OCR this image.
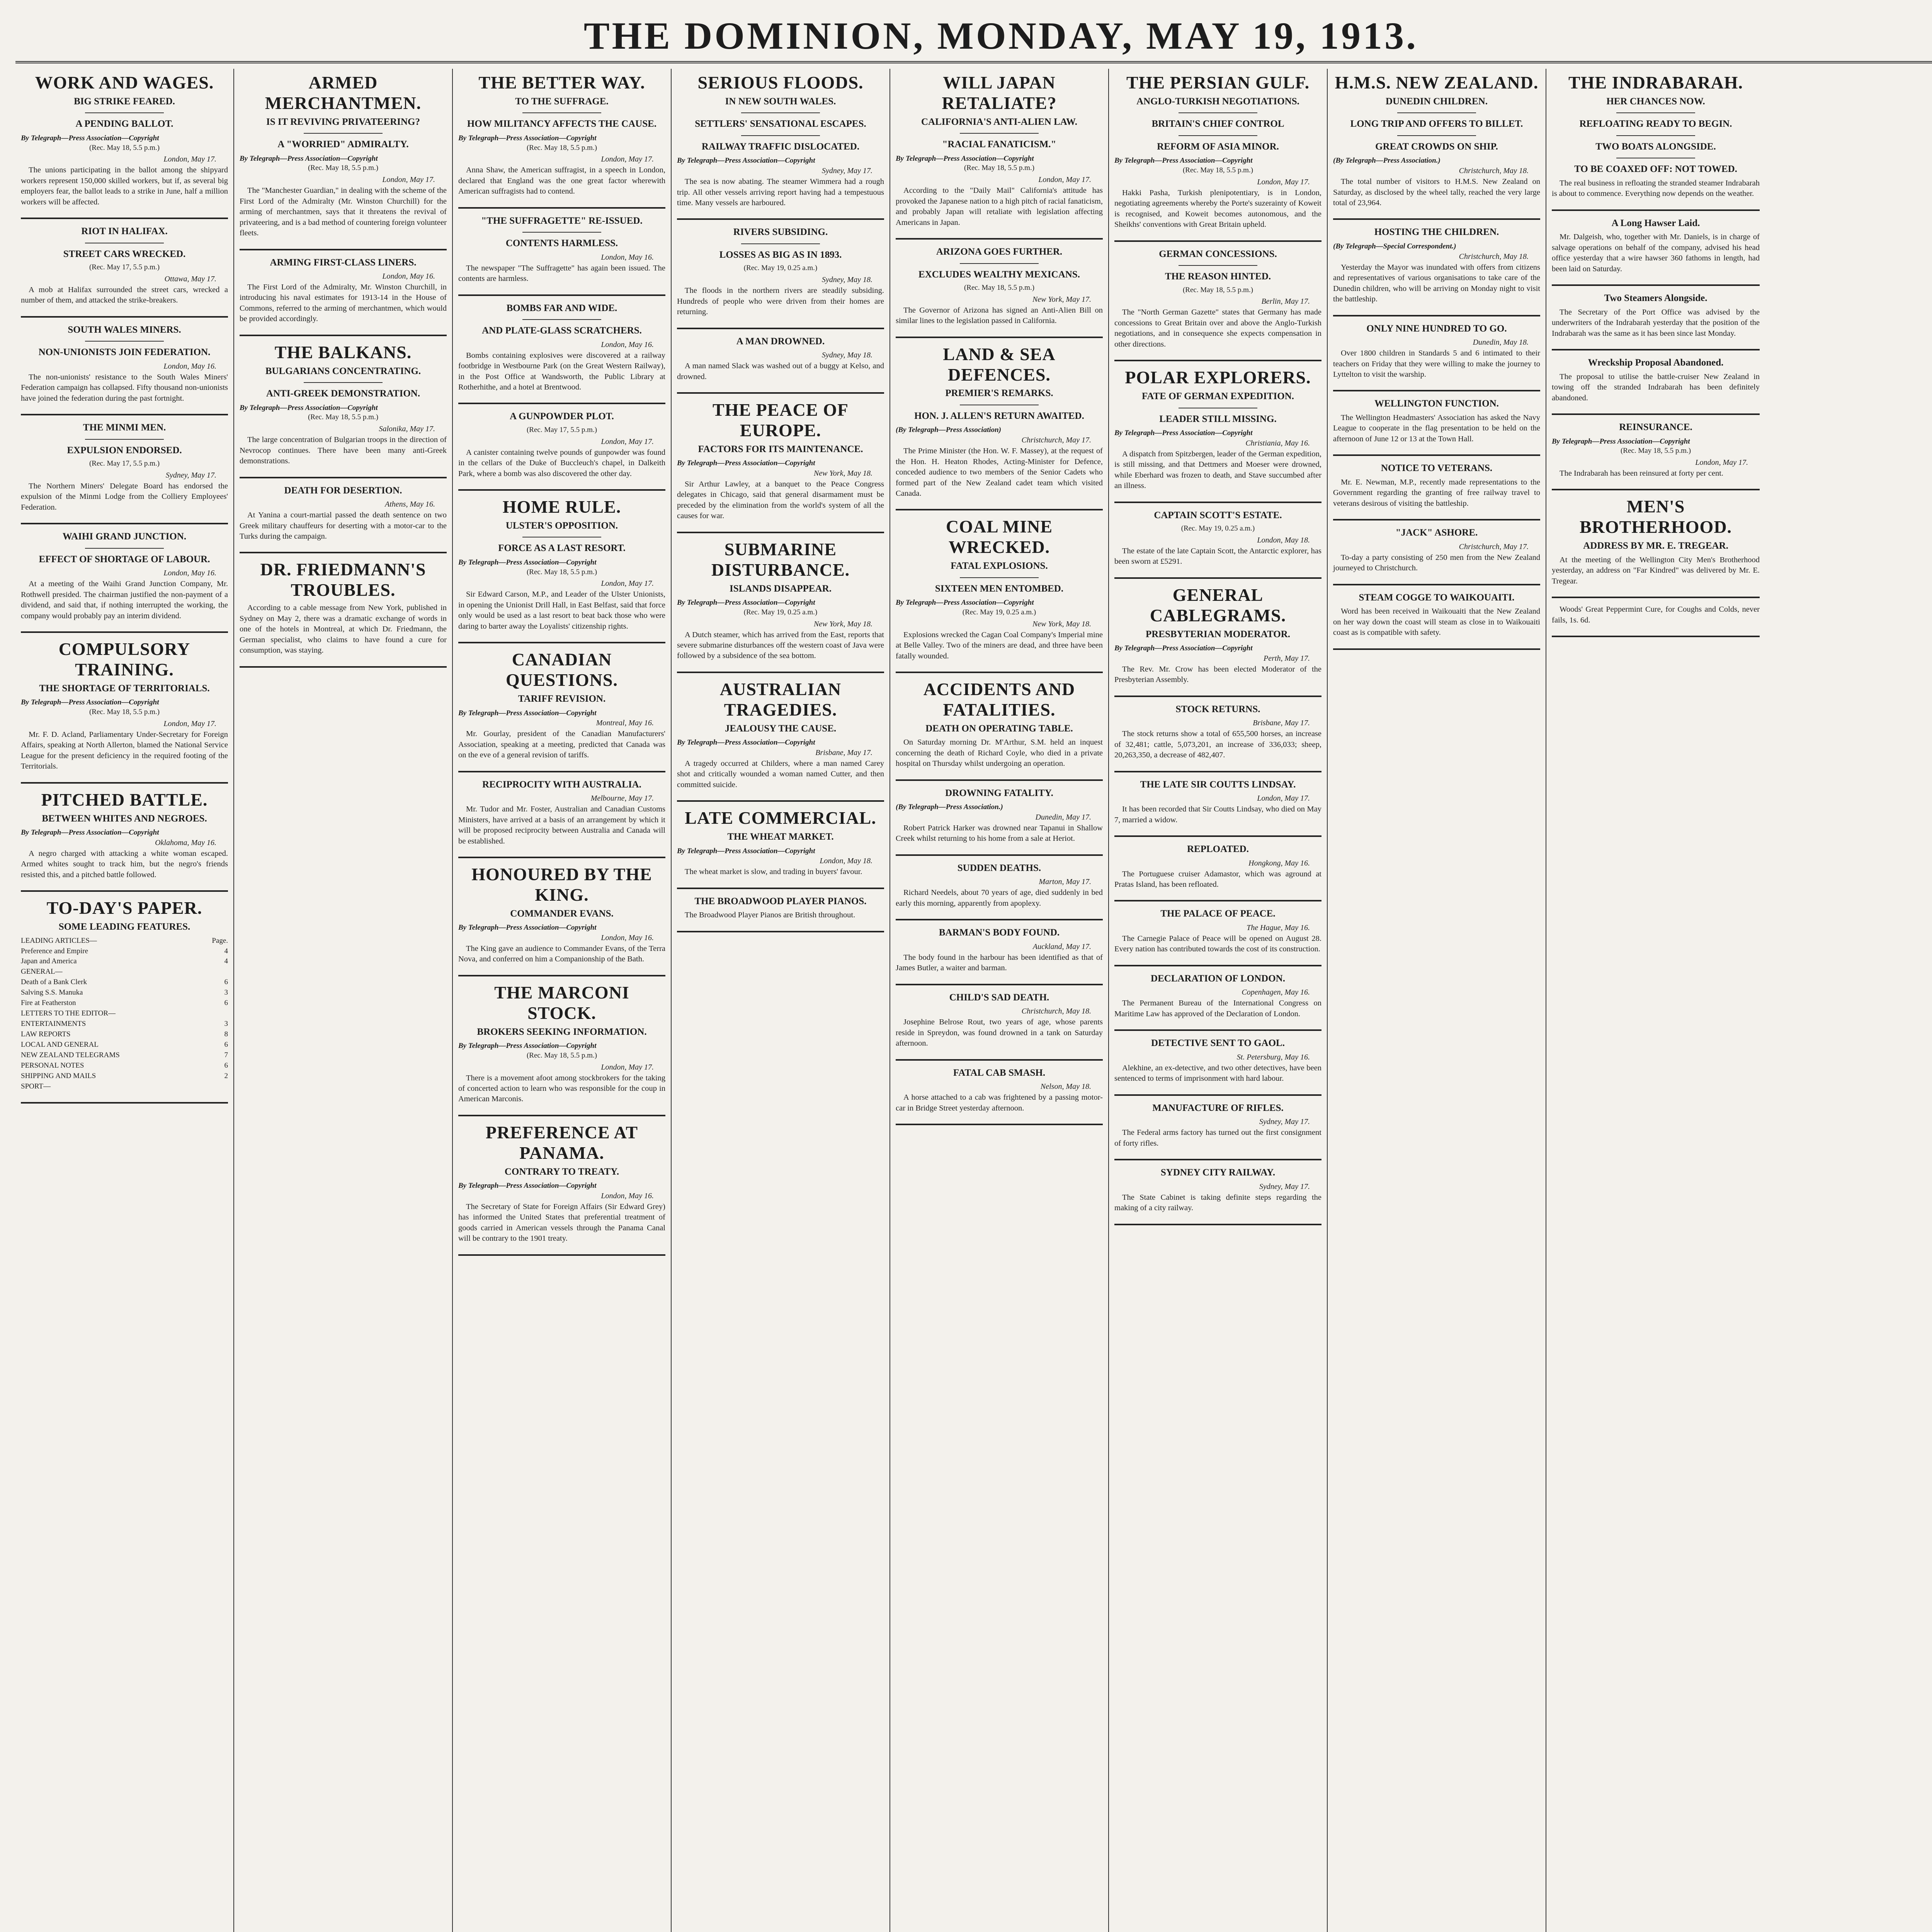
THE DOMINION, MONDAY, MAY 19, 1913.
WORK AND WAGES.
BIG STRIKE FEARED.
A PENDING BALLOT.
By Telegraph—Press Association—Copyright
(Rec. May 18, 5.5 p.m.)
London, May 17.

The unions participating in the ballot among the shipyard workers represent 150,000 skilled workers, but if, as several big employers fear, the ballot leads to a strike in June, half a million workers will be affected.

RIOT IN HALIFAX.
STREET CARS WRECKED.
(Rec. May 17, 5.5 p.m.)
Ottawa, May 17.

A mob at Halifax surrounded the street cars, wrecked a number of them, and attacked the strike-breakers.

SOUTH WALES MINERS.
NON-UNIONISTS JOIN FEDERATION.
London, May 16.

The non-unionists' resistance to the South Wales Miners' Federation campaign has collapsed. Fifty thousand non-unionists have joined the federation during the past fortnight.

THE MINMI MEN.
EXPULSION ENDORSED.
(Rec. May 17, 5.5 p.m.)
Sydney, May 17.

The Northern Miners' Delegate Board has endorsed the expulsion of the Minmi Lodge from the Colliery Employees' Federation.

WAIHI GRAND JUNCTION.
EFFECT OF SHORTAGE OF LABOUR.
London, May 16.

At a meeting of the Waihi Grand Junction Company, Mr. Rothwell presided. The chairman justified the non-payment of a dividend, and said that, if nothing interrupted the working, the company would probably pay an interim dividend.

COMPULSORY TRAINING.
THE SHORTAGE OF TERRITORIALS.
By Telegraph—Press Association—Copyright
(Rec. May 18, 5.5 p.m.)
London, May 17.

Mr. F. D. Acland, Parliamentary Under-Secretary for Foreign Affairs, speaking at North Allerton, blamed the National Service League for the present deficiency in the required footing of the Territorials.

PITCHED BATTLE.
BETWEEN WHITES AND NEGROES.
By Telegraph—Press Association—Copyright
Oklahoma, May 16.

A negro charged with attacking a white woman escaped. Armed whites sought to track him, but the negro's friends resisted this, and a pitched battle followed.

TO-DAY'S PAPER.
SOME LEADING FEATURES.
LEADING ARTICLES—	Page.
Preference and Empire	4
Japan and America	4
GENERAL—
Death of a Bank Clerk	6
Salving S.S. Manuka	3
Fire at Featherston	6
LETTERS TO THE EDITOR—
ENTERTAINMENTS	3
LAW REPORTS	8
LOCAL AND GENERAL	6
NEW ZEALAND TELEGRAMS	7
PERSONAL NOTES	6
SHIPPING AND MAILS	2
SPORT—
ARMED MERCHANTMEN.
IS IT REVIVING PRIVATEERING?
A "WORRIED" ADMIRALTY.
By Telegraph—Press Association—Copyright
(Rec. May 18, 5.5 p.m.)
London, May 17.

The "Manchester Guardian," in dealing with the scheme of the First Lord of the Admiralty (Mr. Winston Churchill) for the arming of merchantmen, says that it threatens the revival of privateering, and is a bad method of countering foreign volunteer fleets.

ARMING FIRST-CLASS LINERS.
London, May 16.

The First Lord of the Admiralty, Mr. Winston Churchill, in introducing his naval estimates for 1913-14 in the House of Commons, referred to the arming of merchantmen, which would be provided accordingly.

THE BALKANS.
BULGARIANS CONCENTRATING.
ANTI-GREEK DEMONSTRATION.
By Telegraph—Press Association—Copyright
(Rec. May 18, 5.5 p.m.)
Salonika, May 17.

The large concentration of Bulgarian troops in the direction of Nevrocop continues. There have been many anti-Greek demonstrations.

DEATH FOR DESERTION.
Athens, May 16.

At Yanina a court-martial passed the death sentence on two Greek military chauffeurs for deserting with a motor-car to the Turks during the campaign.

DR. FRIEDMANN'S TROUBLES.

According to a cable message from New York, published in Sydney on May 2, there was a dramatic exchange of words in one of the hotels in Montreal, at which Dr. Friedmann, the German specialist, who claims to have found a cure for consumption, was staying.

THE BETTER WAY.
TO THE SUFFRAGE.
HOW MILITANCY AFFECTS THE CAUSE.
By Telegraph—Press Association—Copyright
(Rec. May 18, 5.5 p.m.)
London, May 17.

Anna Shaw, the American suffragist, in a speech in London, declared that England was the one great factor wherewith American suffragists had to contend.

"THE SUFFRAGETTE" RE-ISSUED.
CONTENTS HARMLESS.
London, May 16.

The newspaper "The Suffragette" has again been issued. The contents are harmless.

BOMBS FAR AND WIDE.
AND PLATE-GLASS SCRATCHERS.
London, May 16.

Bombs containing explosives were discovered at a railway footbridge in Westbourne Park (on the Great Western Railway), in the Post Office at Wandsworth, the Public Library at Rotherhithe, and a hotel at Brentwood.

A GUNPOWDER PLOT.
(Rec. May 17, 5.5 p.m.)
London, May 17.

A canister containing twelve pounds of gunpowder was found in the cellars of the Duke of Buccleuch's chapel, in Dalkeith Park, where a bomb was also discovered the other day.

HOME RULE.
ULSTER'S OPPOSITION.
FORCE AS A LAST RESORT.
By Telegraph—Press Association—Copyright
(Rec. May 18, 5.5 p.m.)
London, May 17.

Sir Edward Carson, M.P., and Leader of the Ulster Unionists, in opening the Unionist Drill Hall, in East Belfast, said that force only would be used as a last resort to beat back those who were daring to barter away the Loyalists' citizenship rights.

CANADIAN QUESTIONS.
TARIFF REVISION.
By Telegraph—Press Association—Copyright
Montreal, May 16.

Mr. Gourlay, president of the Canadian Manufacturers' Association, speaking at a meeting, predicted that Canada was on the eve of a general revision of tariffs.

RECIPROCITY WITH AUSTRALIA.
Melbourne, May 17.

Mr. Tudor and Mr. Foster, Australian and Canadian Customs Ministers, have arrived at a basis of an arrangement by which it will be proposed reciprocity between Australia and Canada will be established.

HONOURED BY THE KING.
COMMANDER EVANS.
By Telegraph—Press Association—Copyright
London, May 16.

The King gave an audience to Commander Evans, of the Terra Nova, and conferred on him a Companionship of the Bath.

THE MARCONI STOCK.
BROKERS SEEKING INFORMATION.
By Telegraph—Press Association—Copyright
(Rec. May 18, 5.5 p.m.)
London, May 17.

There is a movement afoot among stockbrokers for the taking of concerted action to learn who was responsible for the coup in American Marconis.

PREFERENCE AT PANAMA.
CONTRARY TO TREATY.
By Telegraph—Press Association—Copyright
London, May 16.

The Secretary of State for Foreign Affairs (Sir Edward Grey) has informed the United States that preferential treatment of goods carried in American vessels through the Panama Canal will be contrary to the 1901 treaty.

SERIOUS FLOODS.
IN NEW SOUTH WALES.
SETTLERS' SENSATIONAL ESCAPES.
RAILWAY TRAFFIC DISLOCATED.
By Telegraph—Press Association—Copyright
Sydney, May 17.

The sea is now abating. The steamer Wimmera had a rough trip. All other vessels arriving report having had a tempestuous time. Many vessels are harboured.

RIVERS SUBSIDING.
LOSSES AS BIG AS IN 1893.
(Rec. May 19, 0.25 a.m.)
Sydney, May 18.

The floods in the northern rivers are steadily subsiding. Hundreds of people who were driven from their homes are returning.

A MAN DROWNED.
Sydney, May 18.

A man named Slack was washed out of a buggy at Kelso, and drowned.

THE PEACE OF EUROPE.
FACTORS FOR ITS MAINTENANCE.
By Telegraph—Press Association—Copyright
New York, May 18.

Sir Arthur Lawley, at a banquet to the Peace Congress delegates in Chicago, said that general disarmament must be preceded by the elimination from the world's system of all the causes for war.

SUBMARINE DISTURBANCE.
ISLANDS DISAPPEAR.
By Telegraph—Press Association—Copyright
(Rec. May 19, 0.25 a.m.)
New York, May 18.

A Dutch steamer, which has arrived from the East, reports that severe submarine disturbances off the western coast of Java were followed by a subsidence of the sea bottom.

AUSTRALIAN TRAGEDIES.
JEALOUSY THE CAUSE.
By Telegraph—Press Association—Copyright
Brisbane, May 17.

A tragedy occurred at Childers, where a man named Carey shot and critically wounded a woman named Cutter, and then committed suicide.

LATE COMMERCIAL.
THE WHEAT MARKET.
By Telegraph—Press Association—Copyright
London, May 18.

The wheat market is slow, and trading in buyers' favour.

THE BROADWOOD PLAYER PIANOS.

The Broadwood Player Pianos are British throughout.

WILL JAPAN RETALIATE?
CALIFORNIA'S ANTI-ALIEN LAW.
"RACIAL FANATICISM."
By Telegraph—Press Association—Copyright
(Rec. May 18, 5.5 p.m.)
London, May 17.

According to the "Daily Mail" California's attitude has provoked the Japanese nation to a high pitch of racial fanaticism, and probably Japan will retaliate with legislation affecting Americans in Japan.

ARIZONA GOES FURTHER.
EXCLUDES WEALTHY MEXICANS.
(Rec. May 18, 5.5 p.m.)
New York, May 17.

The Governor of Arizona has signed an Anti-Alien Bill on similar lines to the legislation passed in California.

LAND & SEA DEFENCES.
PREMIER'S REMARKS.
HON. J. ALLEN'S RETURN AWAITED.
(By Telegraph—Press Association)
Christchurch, May 17.

The Prime Minister (the Hon. W. F. Massey), at the request of the Hon. H. Heaton Rhodes, Acting-Minister for Defence, conceded audience to two members of the Senior Cadets who formed part of the New Zealand cadet team which visited Canada.

COAL MINE WRECKED.
FATAL EXPLOSIONS.
SIXTEEN MEN ENTOMBED.
By Telegraph—Press Association—Copyright
(Rec. May 19, 0.25 a.m.)
New York, May 18.

Explosions wrecked the Cagan Coal Company's Imperial mine at Belle Valley. Two of the miners are dead, and three have been fatally wounded.

ACCIDENTS AND FATALITIES.
DEATH ON OPERATING TABLE.

On Saturday morning Dr. M'Arthur, S.M. held an inquest concerning the death of Richard Coyle, who died in a private hospital on Thursday whilst undergoing an operation.

DROWNING FATALITY.
(By Telegraph—Press Association.)
Dunedin, May 17.

Robert Patrick Harker was drowned near Tapanui in Shallow Creek whilst returning to his home from a sale at Heriot.

SUDDEN DEATHS.
Marton, May 17.

Richard Needels, about 70 years of age, died suddenly in bed early this morning, apparently from apoplexy.

BARMAN'S BODY FOUND.
Auckland, May 17.

The body found in the harbour has been identified as that of James Butler, a waiter and barman.

CHILD'S SAD DEATH.
Christchurch, May 18.

Josephine Belrose Rout, two years of age, whose parents reside in Spreydon, was found drowned in a tank on Saturday afternoon.

FATAL CAB SMASH.
Nelson, May 18.

A horse attached to a cab was frightened by a passing motor-car in Bridge Street yesterday afternoon.

THE PERSIAN GULF.
ANGLO-TURKISH NEGOTIATIONS.
BRITAIN'S CHIEF CONTROL
REFORM OF ASIA MINOR.
By Telegraph—Press Association—Copyright
(Rec. May 18, 5.5 p.m.)
London, May 17.

Hakki Pasha, Turkish plenipotentiary, is in London, negotiating agreements whereby the Porte's suzerainty of Koweit is recognised, and Koweit becomes autonomous, and the Sheikhs' conventions with Great Britain upheld.

GERMAN CONCESSIONS.
THE REASON HINTED.
(Rec. May 18, 5.5 p.m.)
Berlin, May 17.

The "North German Gazette" states that Germany has made concessions to Great Britain over and above the Anglo-Turkish negotiations, and in consequence she expects compensation in other directions.

POLAR EXPLORERS.
FATE OF GERMAN EXPEDITION.
LEADER STILL MISSING.
By Telegraph—Press Association—Copyright
Christiania, May 16.

A dispatch from Spitzbergen, leader of the German expedition, is still missing, and that Dettmers and Moeser were drowned, while Eberhard was frozen to death, and Stave succumbed after an illness.

CAPTAIN SCOTT'S ESTATE.
(Rec. May 19, 0.25 a.m.)
London, May 18.

The estate of the late Captain Scott, the Antarctic explorer, has been sworn at £5291.

GENERAL CABLEGRAMS.
PRESBYTERIAN MODERATOR.
By Telegraph—Press Association—Copyright
Perth, May 17.

The Rev. Mr. Crow has been elected Moderator of the Presbyterian Assembly.

STOCK RETURNS.
Brisbane, May 17.

The stock returns show a total of 655,500 horses, an increase of 32,481; cattle, 5,073,201, an increase of 336,033; sheep, 20,263,350, a decrease of 482,407.

THE LATE SIR COUTTS LINDSAY.
London, May 17.

It has been recorded that Sir Coutts Lindsay, who died on May 7, married a widow.

REPLOATED.
Hongkong, May 16.

The Portuguese cruiser Adamastor, which was aground at Pratas Island, has been refloated.

THE PALACE OF PEACE.
The Hague, May 16.

The Carnegie Palace of Peace will be opened on August 28. Every nation has contributed towards the cost of its construction.

DECLARATION OF LONDON.
Copenhagen, May 16.

The Permanent Bureau of the International Congress on Maritime Law has approved of the Declaration of London.

DETECTIVE SENT TO GAOL.
St. Petersburg, May 16.

Alekhine, an ex-detective, and two other detectives, have been sentenced to terms of imprisonment with hard labour.

MANUFACTURE OF RIFLES.
Sydney, May 17.

The Federal arms factory has turned out the first consignment of forty rifles.

SYDNEY CITY RAILWAY.
Sydney, May 17.

The State Cabinet is taking definite steps regarding the making of a city railway.

H.M.S. NEW ZEALAND.
DUNEDIN CHILDREN.
LONG TRIP AND OFFERS TO BILLET.
GREAT CROWDS ON SHIP.
(By Telegraph—Press Association.)
Christchurch, May 18.

The total number of visitors to H.M.S. New Zealand on Saturday, as disclosed by the wheel tally, reached the very large total of 23,964.

HOSTING THE CHILDREN.
(By Telegraph—Special Correspondent.)
Christchurch, May 18.

Yesterday the Mayor was inundated with offers from citizens and representatives of various organisations to take care of the Dunedin children, who will be arriving on Monday night to visit the battleship.

ONLY NINE HUNDRED TO GO.
Dunedin, May 18.

Over 1800 children in Standards 5 and 6 intimated to their teachers on Friday that they were willing to make the journey to Lyttelton to visit the warship.

WELLINGTON FUNCTION.

The Wellington Headmasters' Association has asked the Navy League to cooperate in the flag presentation to be held on the afternoon of June 12 or 13 at the Town Hall.

NOTICE TO VETERANS.

Mr. E. Newman, M.P., recently made representations to the Government regarding the granting of free railway travel to veterans desirous of visiting the battleship.

"JACK" ASHORE.
Christchurch, May 17.

To-day a party consisting of 250 men from the New Zealand journeyed to Christchurch.

STEAM COGGE TO WAIKOUAITI.

Word has been received in Waikouaiti that the New Zealand on her way down the coast will steam as close in to Waikouaiti coast as is compatible with safety.

THE INDRABARAH.
HER CHANCES NOW.
REFLOATING READY TO BEGIN.
TWO BOATS ALONGSIDE.
TO BE COAXED OFF: NOT TOWED.

The real business in refloating the stranded steamer Indrabarah is about to commence. Everything now depends on the weather.

A Long Hawser Laid.

Mr. Dalgeish, who, together with Mr. Daniels, is in charge of salvage operations on behalf of the company, advised his head office yesterday that a wire hawser 360 fathoms in length, had been laid on Saturday.

Two Steamers Alongside.

The Secretary of the Port Office was advised by the underwriters of the Indrabarah yesterday that the position of the Indrabarah was the same as it has been since last Monday.

Wreckship Proposal Abandoned.

The proposal to utilise the battle-cruiser New Zealand in towing off the stranded Indrabarah has been definitely abandoned.

REINSURANCE.
By Telegraph—Press Association—Copyright
(Rec. May 18, 5.5 p.m.)
London, May 17.

The Indrabarah has been reinsured at forty per cent.

MEN'S BROTHERHOOD.
ADDRESS BY MR. E. TREGEAR.

At the meeting of the Wellington City Men's Brotherhood yesterday, an address on "Far Kindred" was delivered by Mr. E. Tregear.

Woods' Great Peppermint Cure, for Coughs and Colds, never fails, 1s. 6d.
